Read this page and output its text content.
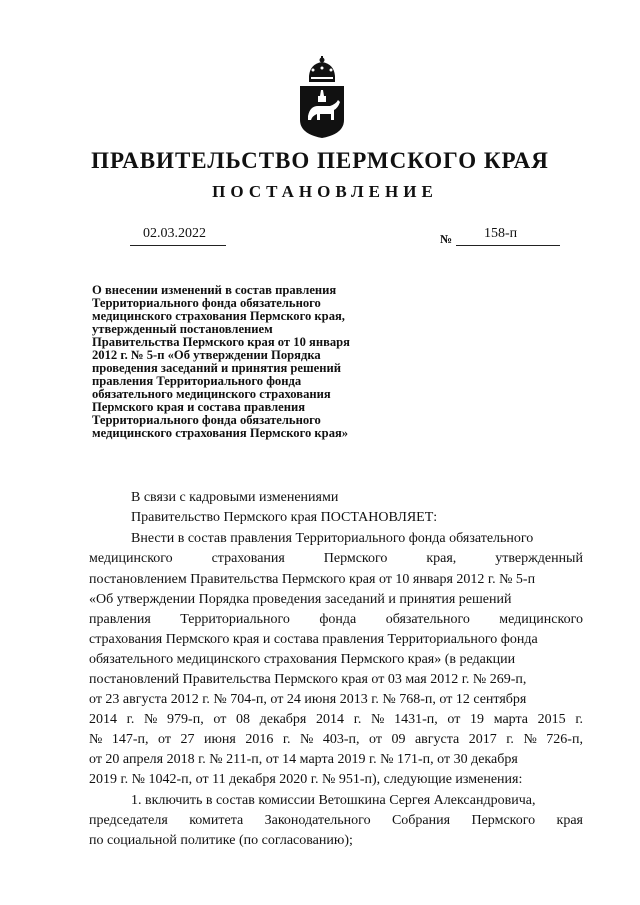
ПРАВИТЕЛЬСТВО ПЕРМСКОГО КРАЯ
ПОСТАНОВЛЕНИЕ
02.03.2022	№ 158-п
О внесении изменений в состав правления
Территориального фонда обязательного
медицинского страхования Пермского края,
утвержденный постановлением
Правительства Пермского края от 10 января
2012 г. № 5-п «Об утверждении Порядка
проведения заседаний и принятия решений
правления Территориального фонда
обязательного медицинского страхования
Пермского края и состава правления
Территориального фонда обязательного
медицинского страхования Пермского края»
В связи с кадровыми изменениями
Правительство Пермского края ПОСТАНОВЛЯЕТ:
Внести в состав правления Территориального фонда обязательного
медицинского	страхования	Пермского	края,	утвержденный
постановлением Правительства Пермского края от 10 января 2012 г. № 5-п
«Об утверждении Порядка проведения заседаний и принятия решений
правления Территориального фонда обязательного медицинского
страхования Пермского края и состава правления Территориального фонда
обязательного медицинского страхования Пермского края» (в редакции
постановлений Правительства Пермского края от 03 мая 2012 г. № 269-п,
от 23 августа 2012 г. № 704-п, от 24 июня 2013 г. № 768-п, от 12 сентября
2014 г. № 979-п, от 08 декабря 2014 г. № 1431-п, от 19 марта 2015 г.
№ 147-п, от 27 июня 2016 г. № 403-п, от 09 августа 2017 г. № 726-п,
от 20 апреля 2018 г. № 211-п, от 14 марта 2019 г. № 171-п, от 30 декабря
2019 г. № 1042-п, от 11 декабря 2020 г. № 951-п), следующие изменения:
1. включить в состав комиссии Ветошкина Сергея Александровича,
председателя комитета Законодательного Собрания Пермского края
по социальной политике (по согласованию);
